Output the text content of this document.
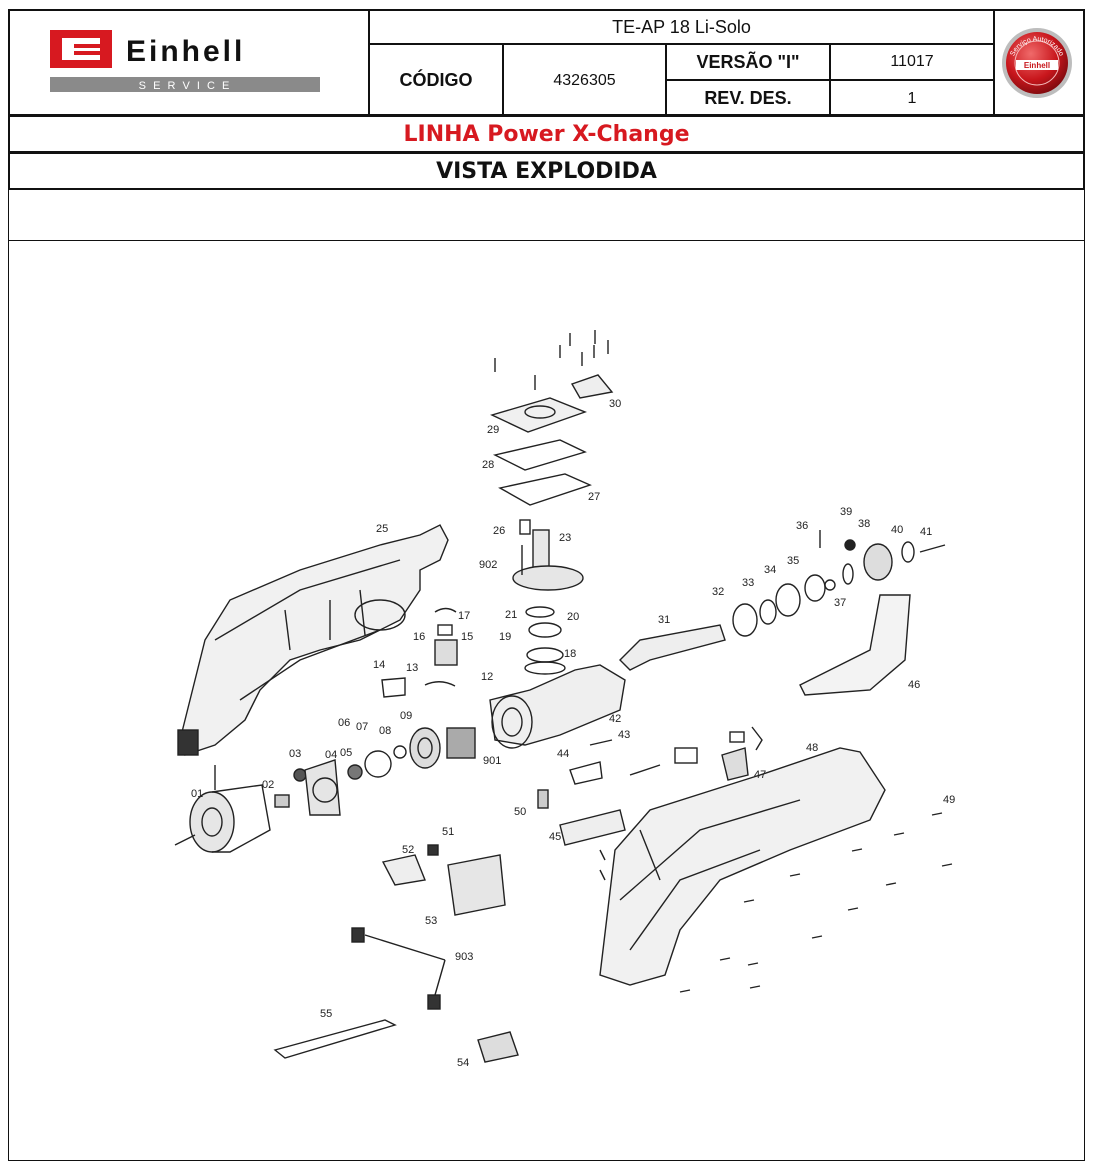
Einhell
S E R V I C E
TE-AP 18 Li-Solo
CÓDIGO	4326305
VERSÃO "I"	11017
REV. DES.	1
Serviço Autorizado
Einhell
LINHA Power X-Change
VISTA EXPLODIDA
01
02
03 04 05
06 07 08
09
12
13
14
15
16
17
18
19
20
21
23
25	26
27
28
29
30
31
32
33
34
35
36
37
38
39
40 41
42
43
44
45
46
47
48
49
50
51
52
53
54
55
901
902
903
